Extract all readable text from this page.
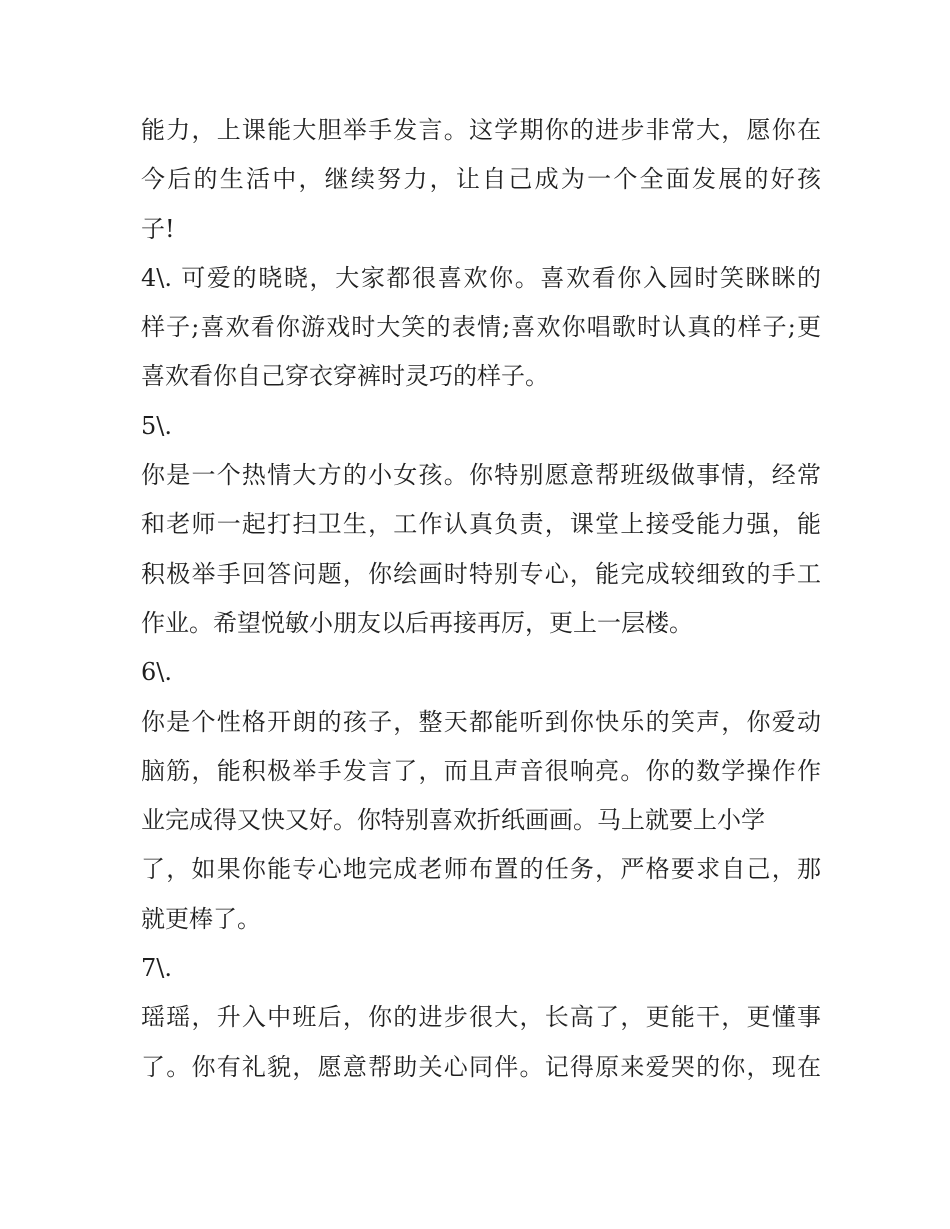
能力，上课能大胆举手发言。这学期你的进步非常大，愿你在
今后的生活中，继续努力，让自己成为一个全面发展的好孩
子!
4\. 可爱的晓晓，大家都很喜欢你。喜欢看你入园时笑眯眯的
样子;喜欢看你游戏时大笑的表情;喜欢你唱歌时认真的样子;更
喜欢看你自己穿衣穿裤时灵巧的样子。
5\.
你是一个热情大方的小女孩。你特别愿意帮班级做事情，经常
和老师一起打扫卫生，工作认真负责，课堂上接受能力强，能
积极举手回答问题，你绘画时特别专心，能完成较细致的手工
作业。希望悦敏小朋友以后再接再厉，更上一层楼。
6\.
你是个性格开朗的孩子，整天都能听到你快乐的笑声，你爱动
脑筋，能积极举手发言了，而且声音很响亮。你的数学操作作
业完成得又快又好。你特别喜欢折纸画画。马上就要上小学
了，如果你能专心地完成老师布置的任务，严格要求自己，那
就更棒了。
7\.
瑶瑶，升入中班后，你的进步很大，长高了，更能干，更懂事
了。你有礼貌，愿意帮助关心同伴。记得原来爱哭的你，现在
